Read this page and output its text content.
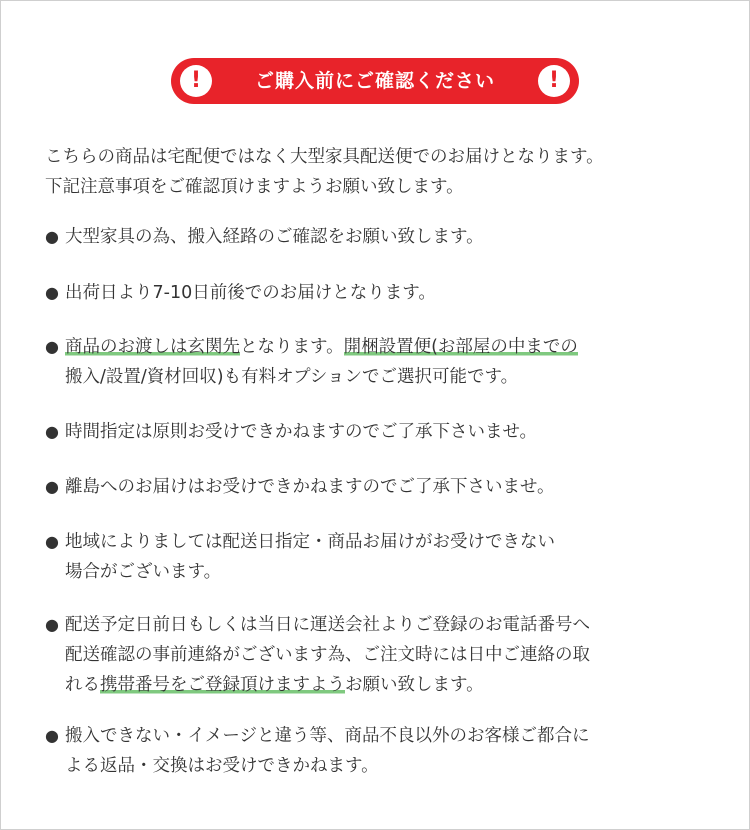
!	ご購入前にご確認ください	!
こちらの商品は宅配便ではなく大型家具配送便でのお届けとなります。
下記注意事項をご確認頂けますようお願い致します。
● 大型家具の為、搬入経路のご確認をお願い致します。
● 出荷日より7-10日前後でのお届けとなります。
● 商品のお渡しは玄関先となります。開梱設置便(お部屋の中までの
搬入/設置/資材回収)も有料オプションでご選択可能です。
● 時間指定は原則お受けできかねますのでご了承下さいませ。
● 離島へのお届けはお受けできかねますのでご了承下さいませ。
● 地域によりましては配送日指定・商品お届けがお受けできない
場合がございます。
● 配送予定日前日もしくは当日に運送会社よりご登録のお電話番号へ
配送確認の事前連絡がございます為、ご注文時には日中ご連絡の取
れる携帯番号をご登録頂けますようお願い致します。
● 搬入できない・イメージと違う等、商品不良以外のお客様ご都合に
よる返品・交換はお受けできかねます。
